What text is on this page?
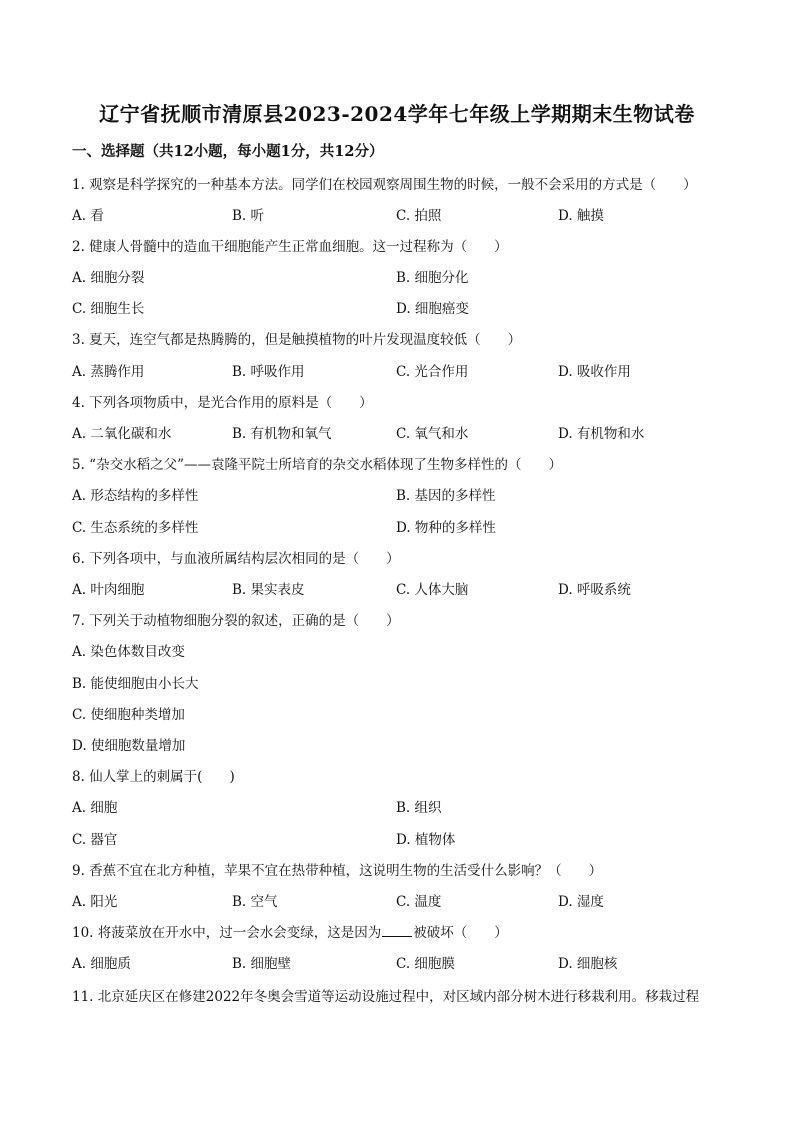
辽宁省抚顺市清原县2023-2024学年七年级上学期期末生物试卷
一、选择题（共12小题，每小题1分，共12分）
1. 观察是科学探究的一种基本方法。同学们在校园观察周围生物的时候，一般不会采用的方式是（　　）
A. 看	B. 听	C. 拍照	D. 触摸
2. 健康人骨髓中的造血干细胞能产生正常血细胞。这一过程称为（　　）
A. 细胞分裂	B. 细胞分化
C. 细胞生长	D. 细胞癌变
3. 夏天，连空气都是热腾腾的，但是触摸植物的叶片发现温度较低（　　）
A. 蒸腾作用	B. 呼吸作用	C. 光合作用	D. 吸收作用
4. 下列各项物质中，是光合作用的原料是（　　）
A. 二氧化碳和水	B. 有机物和氧气	C. 氧气和水	D. 有机物和水
5. “杂交水稻之父”——袁隆平院士所培育的杂交水稻体现了生物多样性的（　　）
A. 形态结构的多样性	B. 基因的多样性
C. 生态系统的多样性	D. 物种的多样性
6. 下列各项中，与血液所属结构层次相同的是（　　）
A. 叶肉细胞	B. 果实表皮	C. 人体大脑	D. 呼吸系统
7. 下列关于动植物细胞分裂的叙述，正确的是（　　）
A. 染色体数目改变
B. 能使细胞由小长大
C. 使细胞种类增加
D. 使细胞数量增加
8. 仙人掌上的刺属于(　　)
A. 细胞	B. 组织
C. 器官	D. 植物体
9. 香蕉不宜在北方种植，苹果不宜在热带种植，这说明生物的生活受什么影响？（　　）
A. 阳光	B. 空气	C. 温度	D. 湿度
10. 将菠菜放在开水中，过一会水会变绿，这是因为 被破坏（　　）
A. 细胞质	B. 细胞壁	C. 细胞膜	D. 细胞核
11. 北京延庆区在修建2022年冬奥会雪道等运动设施过程中，对区域内部分树木进行移栽利用。移栽过程
